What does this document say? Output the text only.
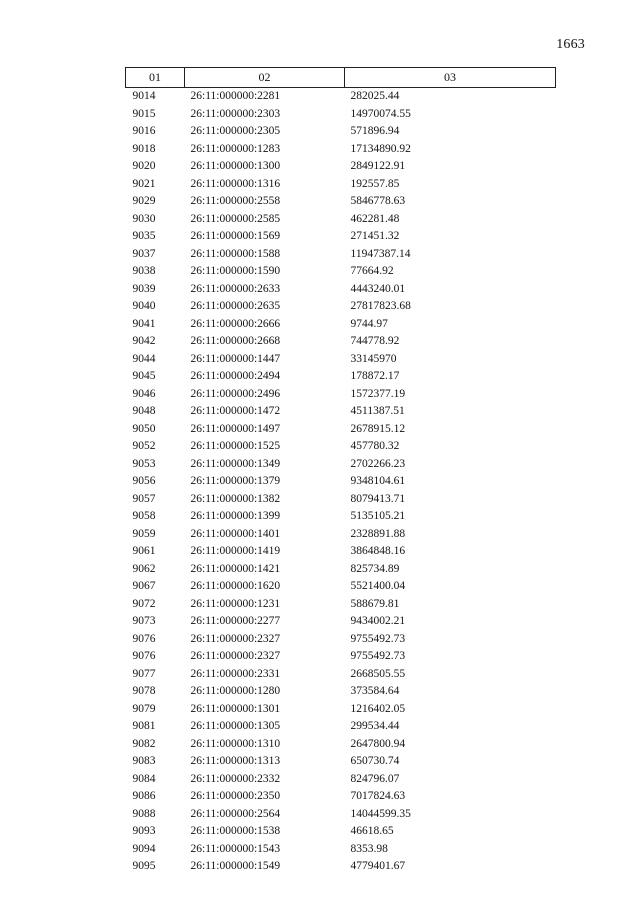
1663
01	02	03
9014	26:11:000000:2281	282025.44
9015	26:11:000000:2303	14970074.55
9016	26:11:000000:2305	571896.94
9018	26:11:000000:1283	17134890.92
9020	26:11:000000:1300	2849122.91
9021	26:11:000000:1316	192557.85
9029	26:11:000000:2558	5846778.63
9030	26:11:000000:2585	462281.48
9035	26:11:000000:1569	271451.32
9037	26:11:000000:1588	11947387.14
9038	26:11:000000:1590	77664.92
9039	26:11:000000:2633	4443240.01
9040	26:11:000000:2635	27817823.68
9041	26:11:000000:2666	9744.97
9042	26:11:000000:2668	744778.92
9044	26:11:000000:1447	33145970
9045	26:11:000000:2494	178872.17
9046	26:11:000000:2496	1572377.19
9048	26:11:000000:1472	4511387.51
9050	26:11:000000:1497	2678915.12
9052	26:11:000000:1525	457780.32
9053	26:11:000000:1349	2702266.23
9056	26:11:000000:1379	9348104.61
9057	26:11:000000:1382	8079413.71
9058	26:11:000000:1399	5135105.21
9059	26:11:000000:1401	2328891.88
9061	26:11:000000:1419	3864848.16
9062	26:11:000000:1421	825734.89
9067	26:11:000000:1620	5521400.04
9072	26:11:000000:1231	588679.81
9073	26:11:000000:2277	9434002.21
9076	26:11:000000:2327	9755492.73
9076	26:11:000000:2327	9755492.73
9077	26:11:000000:2331	2668505.55
9078	26:11:000000:1280	373584.64
9079	26:11:000000:1301	1216402.05
9081	26:11:000000:1305	299534.44
9082	26:11:000000:1310	2647800.94
9083	26:11:000000:1313	650730.74
9084	26:11:000000:2332	824796.07
9086	26:11:000000:2350	7017824.63
9088	26:11:000000:2564	14044599.35
9093	26:11:000000:1538	46618.65
9094	26:11:000000:1543	8353.98
9095	26:11:000000:1549	4779401.67
